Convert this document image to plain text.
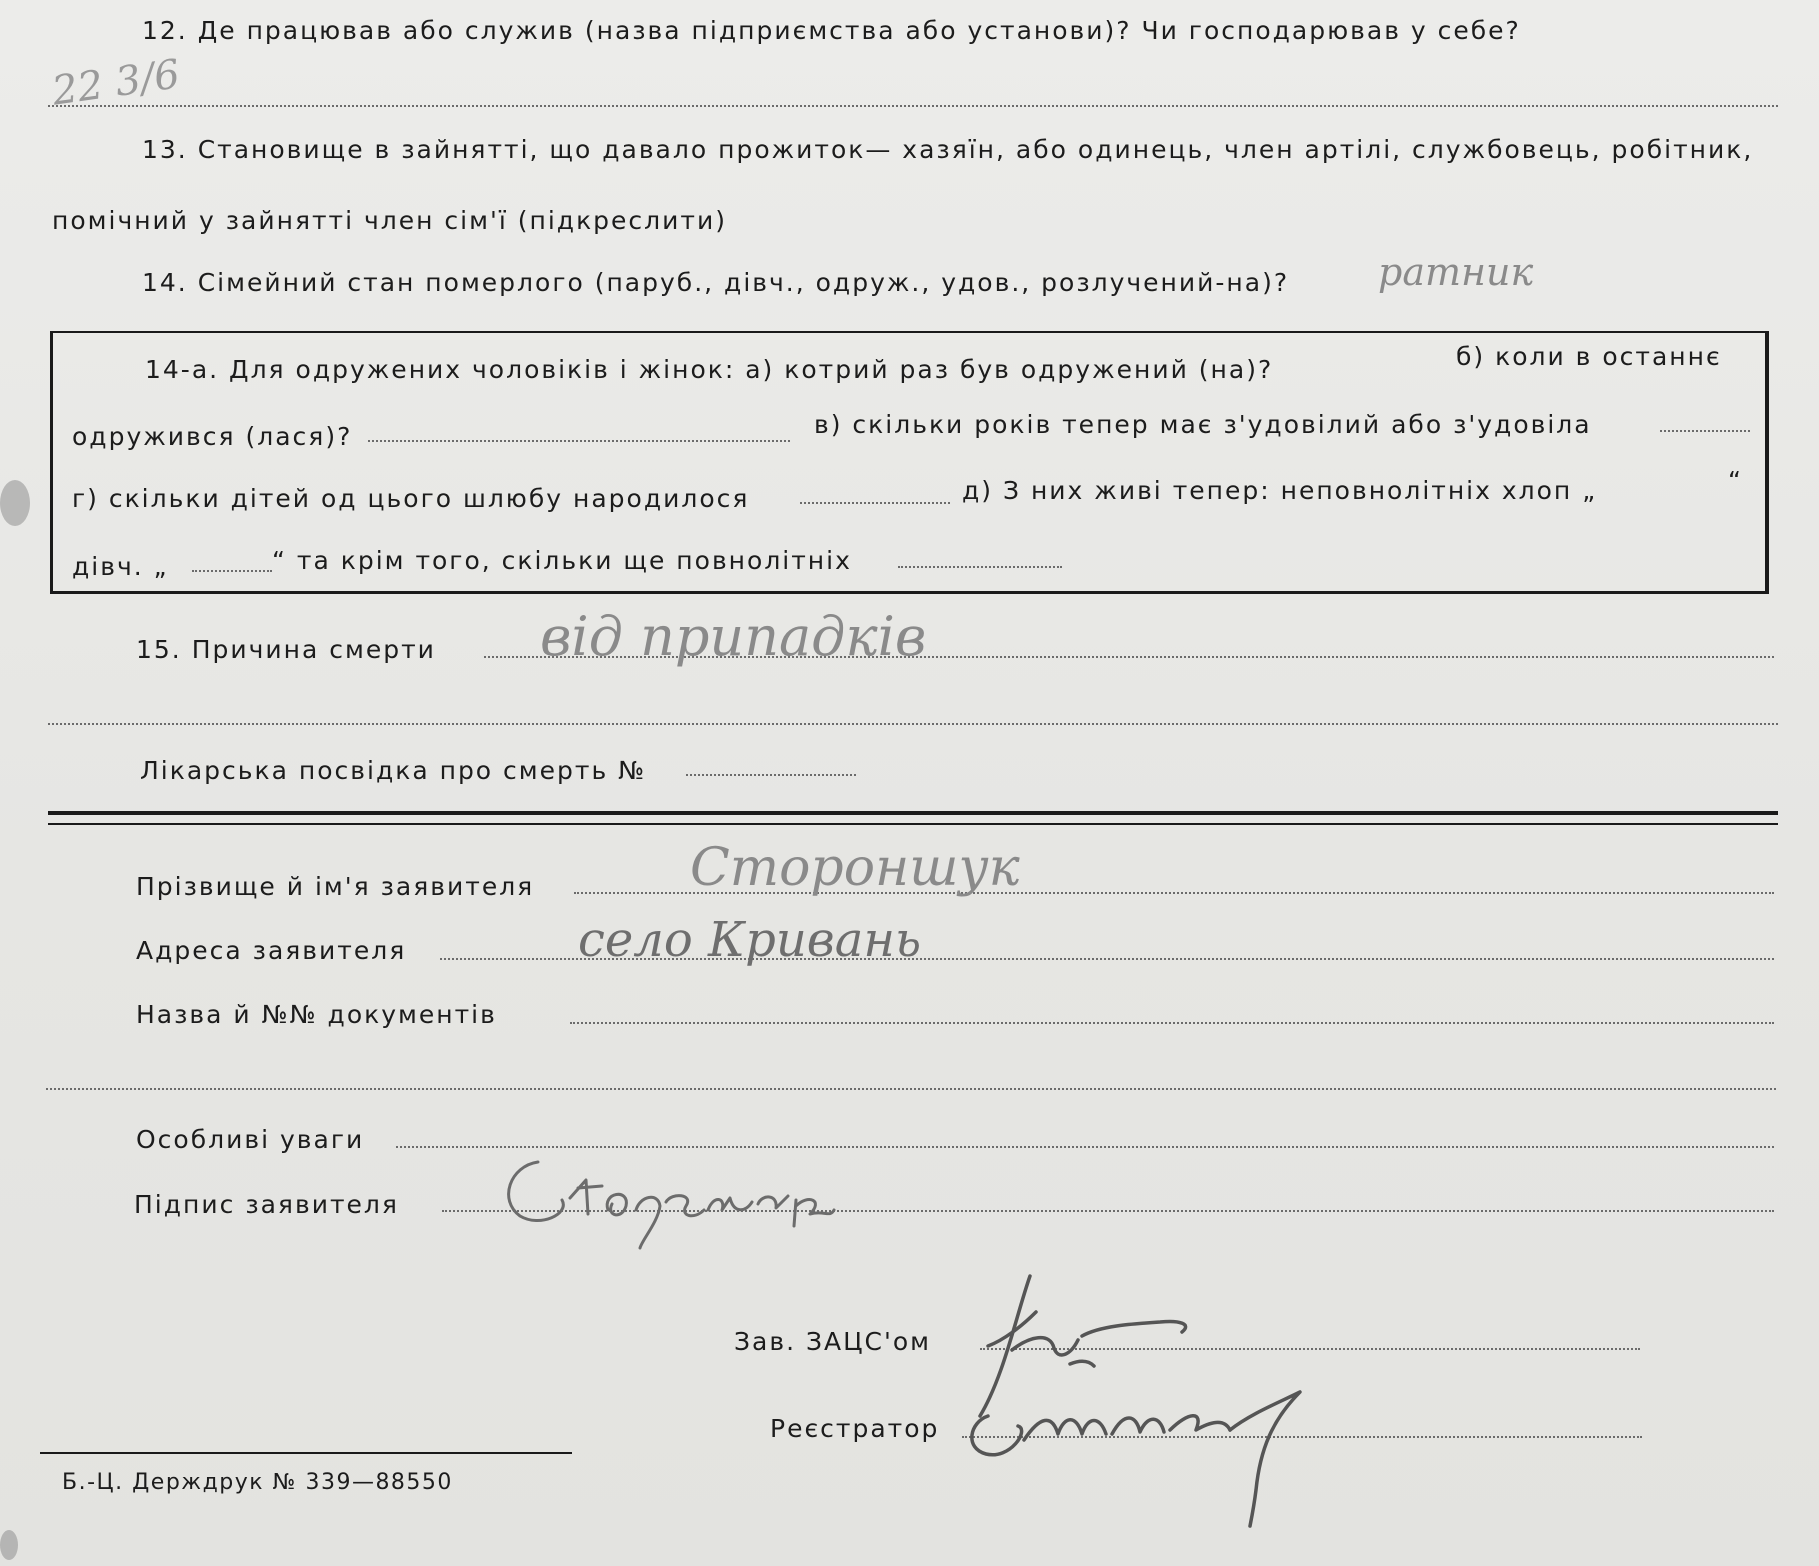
22 3/6
12. Де працював або служив (назва підприємства або установи)? Чи господарював у себе?
13. Становище в зайнятті, що давало прожиток— хазяїн, або одинець, член артілі, службовець, робітник,
помічний у зайнятті член сім'ї (підкреслити)
14. Сімейний стан померлого (паруб., дівч., одруж., удов., розлучений-на)? ратник
14-а. Для одружених чоловіків і жінок: а) котрий раз був одружений (на)?	б) коли в останнє
одружився (лася)?	в) скільки років тепер має з'удовілий або з'удовіла
г) скільки дітей од цього шлюбу народилося	д) З них живі тепер: неповнолітніх хлоп „	“
дівч. „	“ та крім того, скільки ще повнолітніх
15. Причина смерти від припадків
Лікарська посвідка про смерть №
Прізвище й ім'я заявителя	Стороншук
Адреса заявителя	село Кривань
Назва й №№ документів
Особливі уваги
Підпис заявителя
Зав. ЗАЦС'ом
Реєстратор
Б.-Ц. Держдрук № 339—88550
